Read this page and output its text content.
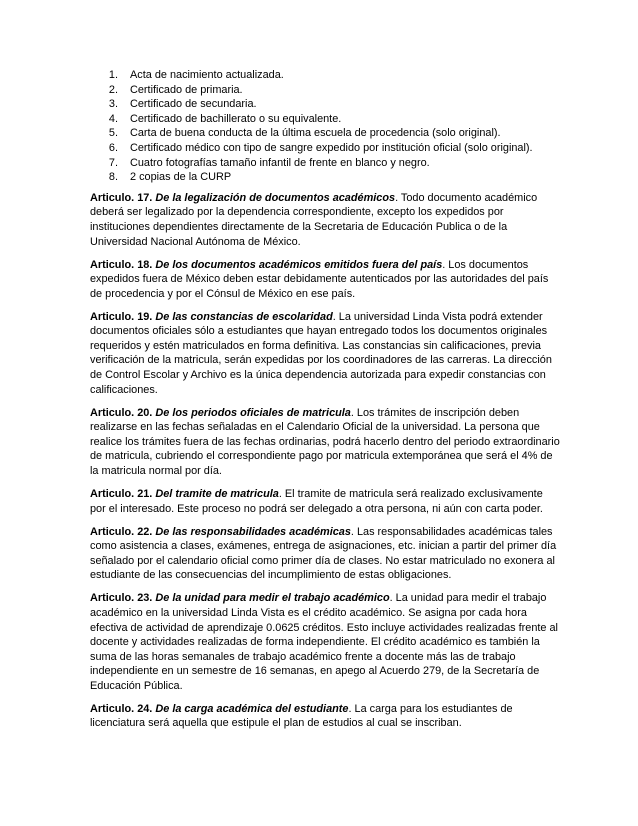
1.	Acta de nacimiento actualizada.
2.	Certificado de primaria.
3.	Certificado de secundaria.
4.	Certificado de bachillerato o su equivalente.
5.	Carta de buena conducta de la última escuela de procedencia (solo original).
6.	Certificado médico con tipo de sangre expedido por institución oficial (solo original).
7.	Cuatro fotografías tamaño infantil de frente en blanco y negro.
8.	2 copias de la CURP

Articulo. 17. De la legalización de documentos académicos. Todo documento académico deberá ser legalizado por la dependencia correspondiente, excepto los expedidos por instituciones dependientes directamente de la Secretaria de Educación Publica o de la Universidad Nacional Autónoma de México.

Articulo. 18. De los documentos académicos emitidos fuera del país. Los documentos expedidos fuera de México deben estar debidamente autenticados por las autoridades del país de procedencia y por el Cónsul de México en ese país.

Articulo. 19. De las constancias de escolaridad. La universidad Linda Vista podrá extender documentos oficiales sólo a estudiantes que hayan entregado todos los documentos originales requeridos y estén matriculados en forma definitiva. Las constancias sin calificaciones, previa verificación de la matricula, serán expedidas por los coordinadores de las carreras. La dirección de Control Escolar y Archivo es la única dependencia autorizada para expedir constancias con calificaciones.

Articulo. 20. De los periodos oficiales de matricula. Los trámites de inscripción deben realizarse en las fechas señaladas en el Calendario Oficial de la universidad. La persona que realice los trámites fuera de las fechas ordinarias, podrá hacerlo dentro del periodo extraordinario de matricula, cubriendo el correspondiente pago por matricula extemporánea que será el 4% de la matricula normal por día.

Articulo. 21. Del tramite de matricula. El tramite de matricula será realizado exclusivamente por el interesado. Este proceso no podrá ser delegado a otra persona, ni aún con carta poder.

Articulo. 22. De las responsabilidades académicas. Las responsabilidades académicas tales como asistencia a clases, exámenes, entrega de asignaciones, etc. inician a partir del primer día señalado por el calendario oficial como primer día de clases. No estar matriculado no exonera al estudiante de las consecuencias del incumplimiento de estas obligaciones.

Articulo. 23. De la unidad para medir el trabajo académico. La unidad para medir el trabajo académico en la universidad Linda Vista es el crédito académico. Se asigna por cada hora efectiva de actividad de aprendizaje 0.0625 créditos. Esto incluye actividades realizadas frente al docente y actividades realizadas de forma independiente. El crédito académico es también la suma de las horas semanales de trabajo académico frente a docente más las de trabajo independiente en un semestre de 16 semanas, en apego al Acuerdo 279, de la Secretaría de Educación Pública.

Articulo. 24. De la carga académica del estudiante. La carga para los estudiantes de licenciatura será aquella que estipule el plan de estudios al cual se inscriban.
